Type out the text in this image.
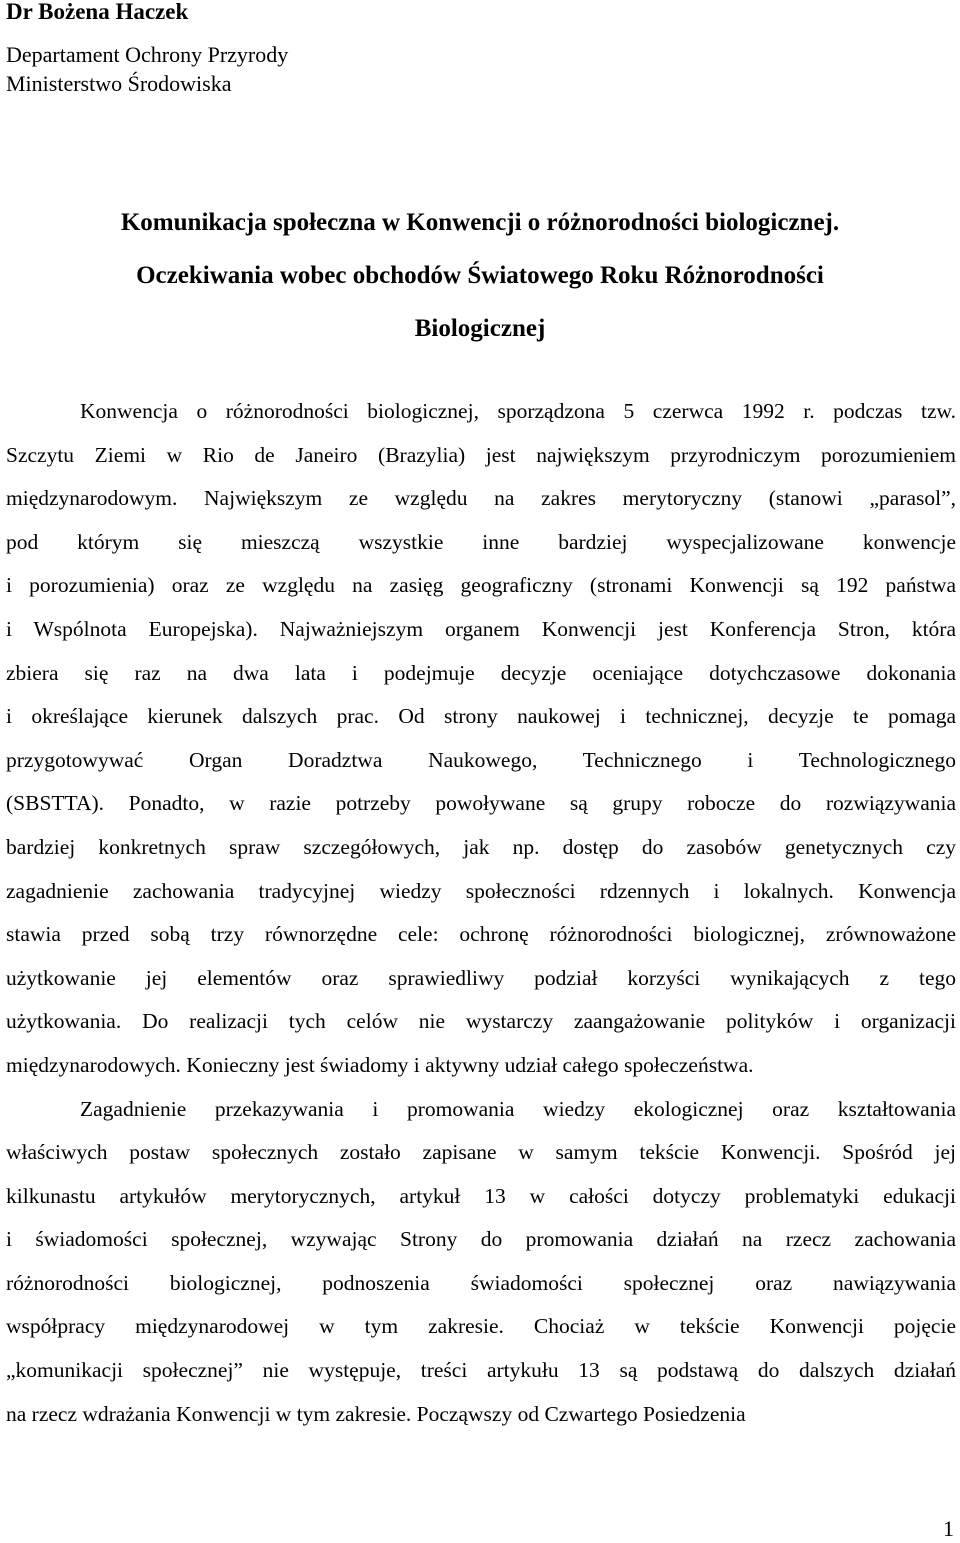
Dr Bożena Haczek
Departament Ochrony Przyrody
Ministerstwo Środowiska
Komunikacja społeczna w Konwencji o różnorodności biologicznej.
Oczekiwania wobec obchodów Światowego Roku Różnorodności
Biologicznej

Konwencja o różnorodności biologicznej, sporządzona 5 czerwca 1992 r. podczas tzw.
Szczytu Ziemi w Rio de Janeiro (Brazylia) jest największym przyrodniczym porozumieniem
międzynarodowym. Największym ze względu na zakres merytoryczny (stanowi „parasol”,
pod którym się mieszczą wszystkie inne bardziej wyspecjalizowane konwencje
i porozumienia) oraz ze względu na zasięg geograficzny (stronami Konwencji są 192 państwa
i Wspólnota Europejska). Najważniejszym organem Konwencji jest Konferencja Stron, która
zbiera się raz na dwa lata i podejmuje decyzje oceniające dotychczasowe dokonania
i określające kierunek dalszych prac. Od strony naukowej i technicznej, decyzje te pomaga
przygotowywać Organ Doradztwa Naukowego, Technicznego i Technologicznego
(SBSTTA). Ponadto, w razie potrzeby powoływane są grupy robocze do rozwiązywania
bardziej konkretnych spraw szczegółowych, jak np. dostęp do zasobów genetycznych czy
zagadnienie zachowania tradycyjnej wiedzy społeczności rdzennych i lokalnych. Konwencja
stawia przed sobą trzy równorzędne cele: ochronę różnorodności biologicznej, zrównoważone
użytkowanie jej elementów oraz sprawiedliwy podział korzyści wynikających z tego
użytkowania. Do realizacji tych celów nie wystarczy zaangażowanie polityków i organizacji
międzynarodowych. Konieczny jest świadomy i aktywny udział całego społeczeństwa.

Zagadnienie przekazywania i promowania wiedzy ekologicznej oraz kształtowania
właściwych postaw społecznych zostało zapisane w samym tekście Konwencji. Spośród jej
kilkunastu artykułów merytorycznych, artykuł 13 w całości dotyczy problematyki edukacji
i świadomości społecznej, wzywając Strony do promowania działań na rzecz zachowania
różnorodności biologicznej, podnoszenia świadomości społecznej oraz nawiązywania
współpracy międzynarodowej w tym zakresie. Chociaż w tekście Konwencji pojęcie
„komunikacji społecznej” nie występuje, treści artykułu 13 są podstawą do dalszych działań
na rzecz wdrażania Konwencji w tym zakresie. Począwszy od Czwartego Posiedzenia

1
